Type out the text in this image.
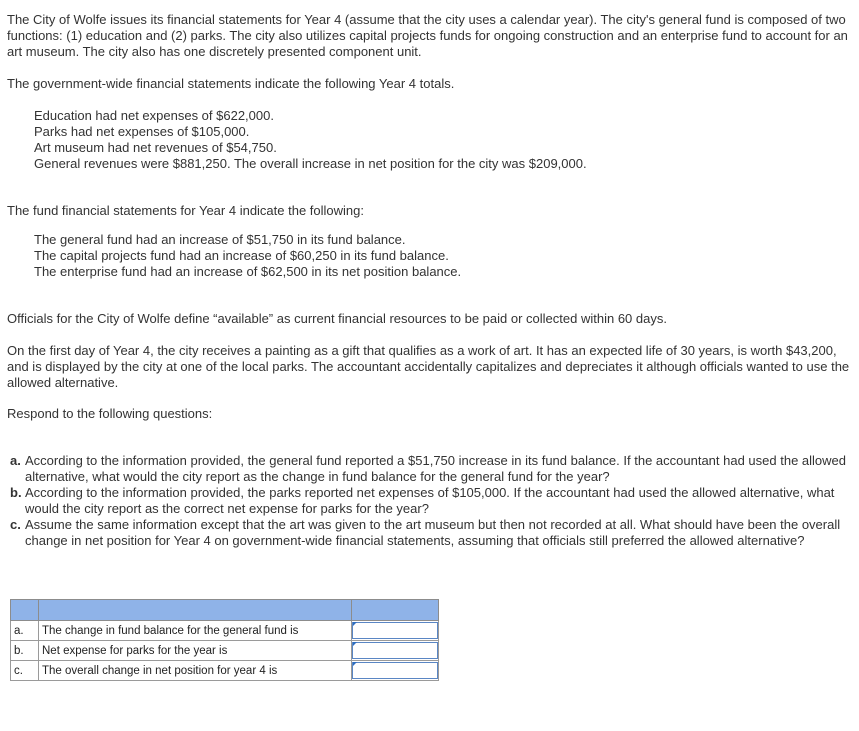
The City of Wolfe issues its financial statements for Year 4 (assume that the city uses a calendar year). The city's general fund is composed of two functions: (1) education and (2) parks. The city also utilizes capital projects funds for ongoing construction and an enterprise fund to account for an art museum. The city also has one discretely presented component unit.

The government-wide financial statements indicate the following Year 4 totals.

Education had net expenses of $622,000.
Parks had net expenses of $105,000.
Art museum had net revenues of $54,750.
General revenues were $881,250. The overall increase in net position for the city was $209,000.

The fund financial statements for Year 4 indicate the following:

The general fund had an increase of $51,750 in its fund balance.
The capital projects fund had an increase of $60,250 in its fund balance.
The enterprise fund had an increase of $62,500 in its net position balance.

Officials for the City of Wolfe define “available” as current financial resources to be paid or collected within 60 days.

On the first day of Year 4, the city receives a painting as a gift that qualifies as a work of art. It has an expected life of 30 years, is worth $43,200, and is displayed by the city at one of the local parks. The accountant accidentally capitalizes and depreciates it although officials wanted to use the allowed alternative.

Respond to the following questions:

a. According to the information provided, the general fund reported a $51,750 increase in its fund balance. If the accountant had used the allowed alternative, what would the city report as the change in fund balance for the general fund for the year?
b. According to the information provided, the parks reported net expenses of $105,000. If the accountant had used the allowed alternative, what would the city report as the correct net expense for parks for the year?
c. Assume the same information except that the art was given to the art museum but then not recorded at all. What should have been the overall change in net position for Year 4 on government-wide financial statements, assuming that officials still preferred the allowed alternative?

a.	The change in fund balance for the general fund is	

b.	Net expense for parks for the year is	

c.	The overall change in net position for year 4 is	
